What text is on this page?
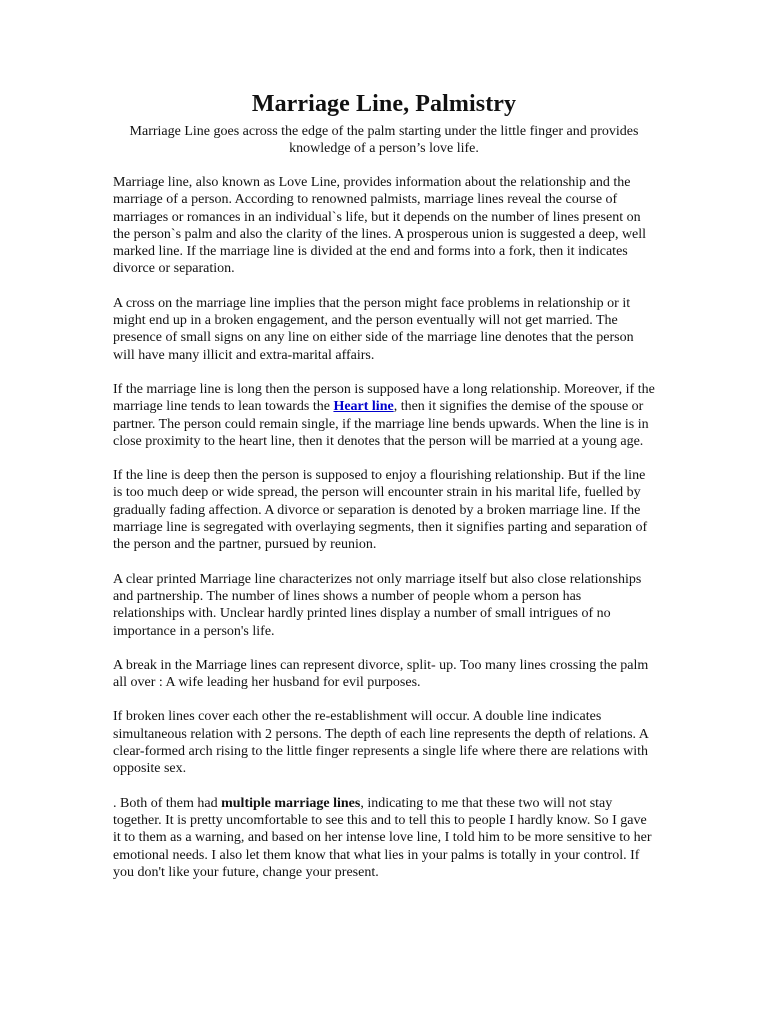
Marriage Line, Palmistry

Marriage Line goes across the edge of the palm starting under the little finger and provides knowledge of a person’s love life.

Marriage line, also known as Love Line, provides information about the relationship and the marriage of a person. According to renowned palmists, marriage lines reveal the course of marriages or romances in an individual`s life, but it depends on the number of lines present on the person`s palm and also the clarity of the lines. A prosperous union is suggested a deep, well marked line. If the marriage line is divided at the end and forms into a fork, then it indicates divorce or separation.

A cross on the marriage line implies that the person might face problems in relationship or it might end up in a broken engagement, and the person eventually will not get married. The presence of small signs on any line on either side of the marriage line denotes that the person will have many illicit and extra-marital affairs.

If the marriage line is long then the person is supposed have a long relationship. Moreover, if the marriage line tends to lean towards the Heart line, then it signifies the demise of the spouse or partner. The person could remain single, if the marriage line bends upwards. When the line is in close proximity to the heart line, then it denotes that the person will be married at a young age.

If the line is deep then the person is supposed to enjoy a flourishing relationship. But if the line is too much deep or wide spread, the person will encounter strain in his marital life, fuelled by gradually fading affection. A divorce or separation is denoted by a broken marriage line. If the marriage line is segregated with overlaying segments, then it signifies parting and separation of the person and the partner, pursued by reunion.

A clear printed Marriage line characterizes not only marriage itself but also close relationships and partnership. The number of lines shows a number of people whom a person has relationships with. Unclear hardly printed lines display a number of small intrigues of no importance in a person's life.

A break in the Marriage lines can represent divorce, split- up. Too many lines crossing the palm all over : A wife leading her husband for evil purposes.

If broken lines cover each other the re-establishment will occur. A double line indicates simultaneous relation with 2 persons. The depth of each line represents the depth of relations. A clear-formed arch rising to the little finger represents a single life where there are relations with opposite sex.

. Both of them had multiple marriage lines, indicating to me that these two will not stay together. It is pretty uncomfortable to see this and to tell this to people I hardly know. So I gave it to them as a warning, and based on her intense love line, I told him to be more sensitive to her emotional needs. I also let them know that what lies in your palms is totally in your control. If you don't like your future, change your present.
